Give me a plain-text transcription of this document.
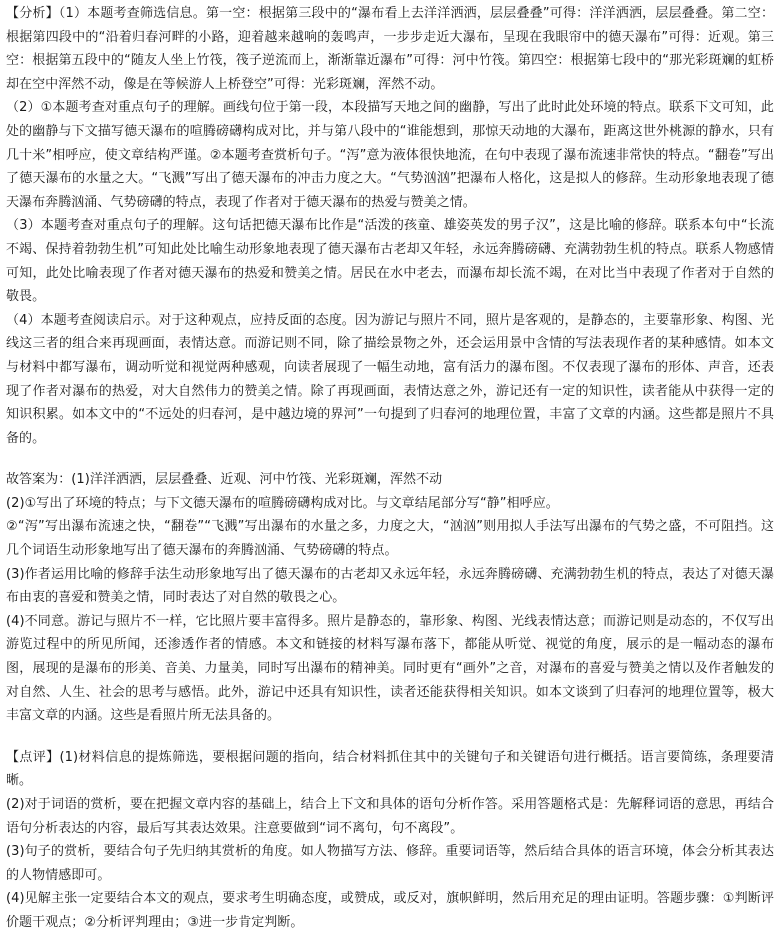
【分析】（1）本题考查筛选信息。第一空：根据第三段中的“瀑布看上去洋洋洒洒，层层叠叠”可得：洋洋洒洒，层层叠叠。第二空：根据第四段中的“沿着归春河畔的小路，迎着越来越响的轰鸣声，一步步走近大瀑布，呈现在我眼帘中的德天瀑布”可得：近观。第三空：根据第五段中的“随友人坐上竹筏，筏子逆流而上，渐渐靠近瀑布”可得：河中竹筏。第四空：根据第七段中的“那光彩斑斓的虹桥却在空中浑然不动，像是在等候游人上桥登空”可得：光彩斑斓，浑然不动。

（2）①本题考查对重点句子的理解。画线句位于第一段，本段描写天地之间的幽静，写出了此时此处环境的特点。联系下文可知，此处的幽静与下文描写德天瀑布的喧腾磅礴构成对比，并与第八段中的“谁能想到，那惊天动地的大瀑布，距离这世外桃源的静水，只有几十米”相呼应，使文章结构严谨。②本题考查赏析句子。“泻”意为液体很快地流，在句中表现了瀑布流速非常快的特点。“翻卷”写出了德天瀑布的水量之大。“飞溅”写出了德天瀑布的冲击力度之大。“气势汹汹”把瀑布人格化，这是拟人的修辞。生动形象地表现了德天瀑布奔腾汹涌、气势磅礴的特点，表现了作者对于德天瀑布的热爱与赞美之情。

（3）本题考查对重点句子的理解。这句话把德天瀑布比作是“活泼的孩童、雄姿英发的男子汉”，这是比喻的修辞。联系本句中“长流不竭、保持着勃勃生机”可知此处比喻生动形象地表现了德天瀑布古老却又年轻，永远奔腾磅礴、充满勃勃生机的特点。联系人物感情可知，此处比喻表现了作者对德天瀑布的热爱和赞美之情。居民在水中老去，而瀑布却长流不竭，在对比当中表现了作者对于自然的敬畏。

（4）本题考查阅读启示。对于这种观点，应持反面的态度。因为游记与照片不同，照片是客观的，是静态的，主要靠形象、构图、光线这三者的组合来再现画面，表情达意。而游记则不同，除了描绘景物之外，还会运用景中含情的写法表现作者的某种感情。如本文与材料中都写瀑布，调动听觉和视觉两种感观，向读者展现了一幅生动地，富有活力的瀑布图。不仅表现了瀑布的形体、声音，还表现了作者对瀑布的热爱，对大自然伟力的赞美之情。除了再现画面，表情达意之外，游记还有一定的知识性，读者能从中获得一定的知识积累。如本文中的“不远处的归春河，是中越边境的界河”一句提到了归春河的地理位置，丰富了文章的内涵。这些都是照片不具备的。

故答案为：(1)洋洋洒洒，层层叠叠、近观、河中竹筏、光彩斑斓，浑然不动

(2)①写出了环境的特点；与下文德天瀑布的喧腾磅礴构成对比。与文章结尾部分写“静”相呼应。

②“泻”写出瀑布流速之快，“翻卷”“飞溅”写出瀑布的水量之多，力度之大，“汹汹”则用拟人手法写出瀑布的气势之盛，不可阻挡。这几个词语生动形象地写出了德天瀑布的奔腾汹涌、气势磅礴的特点。

(3)作者运用比喻的修辞手法生动形象地写出了德天瀑布的古老却又永远年轻，永远奔腾磅礴、充满勃勃生机的特点，表达了对德天瀑布由衷的喜爱和赞美之情，同时表达了对自然的敬畏之心。

(4)不同意。游记与照片不一样，它比照片要丰富得多。照片是静态的，靠形象、构图、光线表情达意；而游记则是动态的，不仅写出游览过程中的所见所闻，还渗透作者的情感。本文和链接的材料写瀑布落下，都能从听觉、视觉的角度，展示的是一幅动态的瀑布图，展现的是瀑布的形美、音美、力量美，同时写出瀑布的精神美。同时更有“画外”之音，对瀑布的喜爱与赞美之情以及作者触发的对自然、人生、社会的思考与感悟。此外，游记中还具有知识性，读者还能获得相关知识。如本文谈到了归春河的地理位置等，极大丰富文章的内涵。这些是看照片所无法具备的。

【点评】(1)材料信息的提炼筛选，要根据问题的指向，结合材料抓住其中的关键句子和关键语句进行概括。语言要简练，条理要清晰。

(2)对于词语的赏析，要在把握文章内容的基础上，结合上下文和具体的语句分析作答。采用答题格式是：先解释词语的意思，再结合语句分析表达的内容，最后写其表达效果。注意要做到“词不离句，句不离段”。

(3)句子的赏析，要结合句子先归纳其赏析的角度。如人物描写方法、修辞。重要词语等，然后结合具体的语言环境，体会分析其表达的人物情感即可。

(4)见解主张一定要结合本文的观点，要求考生明确态度，或赞成，或反对，旗帜鲜明，然后用充足的理由证明。答题步骤：①判断评价题干观点；②分析评判理由；③进一步肯定判断。
